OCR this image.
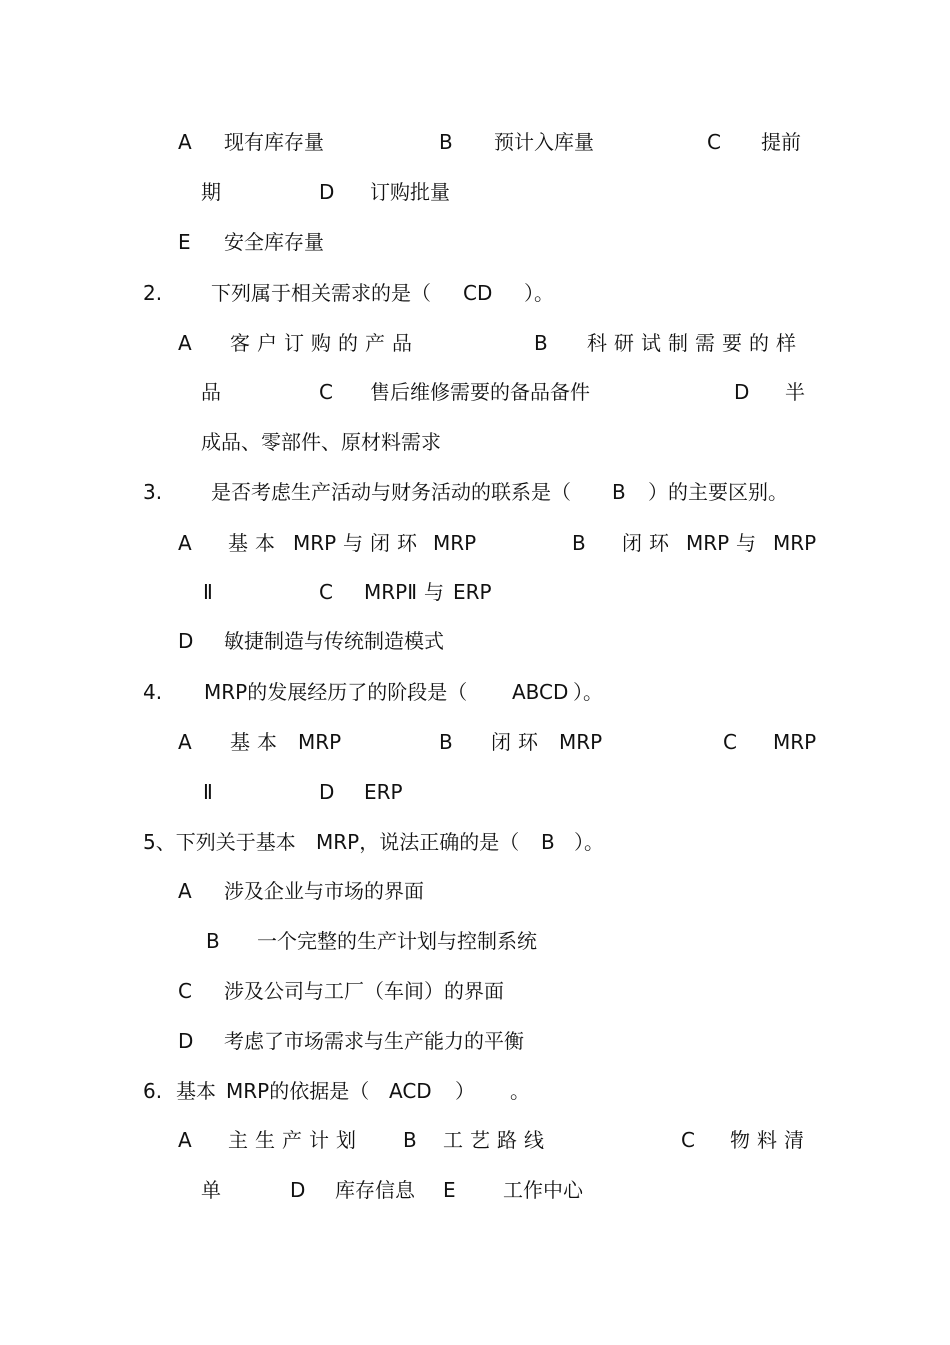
A 现有库存量	B 预计入库量	C 提前
期	D 订购批量
E 安全库存量
2. 下列属于相关需求的是（ CD ）。
A 客户订购的产品	B 科研试制需要的样
品	C 售后维修需要的备品备件	D 半
成品、零部件、原材料需求
3. 是否考虑生产活动与财务活动的联系是（ B ）的主要区别。
A 基本 MRP 与闭环 MRP	B 闭环 MRP 与 MRP
Ⅱ	C MRPⅡ 与 ERP
D 敏捷制造与传统制造模式
4. MRP的发展经历了的阶段是（ ABCD ）。
A 基本 MRP	B 闭环 MRP	C MRP
Ⅱ	D ERP
5、下列关于基本 MRP，说法正确的是（ B ）。
A 涉及企业与市场的界面
B 一个完整的生产计划与控制系统
C 涉及公司与工厂（车间）的界面
D 考虑了市场需求与生产能力的平衡
6. 基本 MRP的依据是（ ACD ） 。
A 主生产计划 B 工艺路线	C 物料清
单	D 库存信息 E 工作中心
